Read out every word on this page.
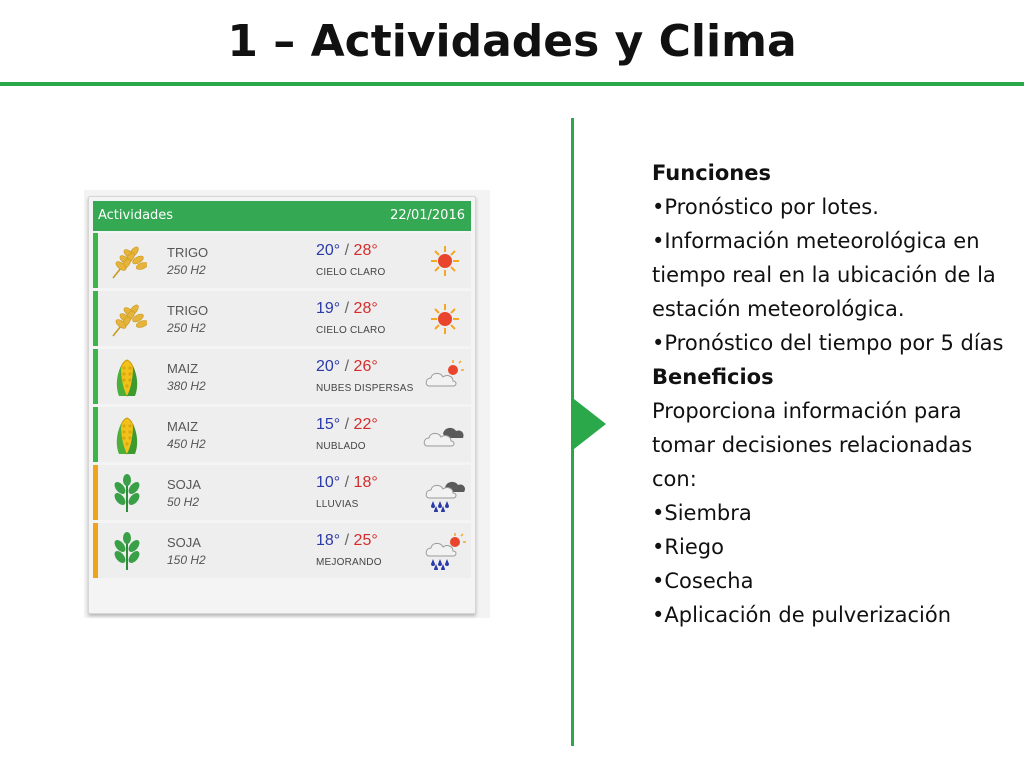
1 – Actividades y Clima
Actividades	22/01/2016
TRIGO
250 H2
20° / 28°
CIELO CLARO
TRIGO
250 H2
19° / 28°
CIELO CLARO
MAIZ
380 H2
20° / 26°
NUBES DISPERSAS
MAIZ
450 H2
15° / 22°
NUBLADO
SOJA
50 H2
10° / 18°
LLUVIAS
SOJA
150 H2
18° / 25°
MEJORANDO

Funciones

•Pronóstico por lotes.

•Información meteorológica en tiempo real en la ubicación de la estación meteorológica.

•Pronóstico del tiempo por 5 días

Beneficios

Proporciona información para tomar decisiones relacionadas con:

•Siembra

•Riego

•Cosecha

•Aplicación de pulverización
